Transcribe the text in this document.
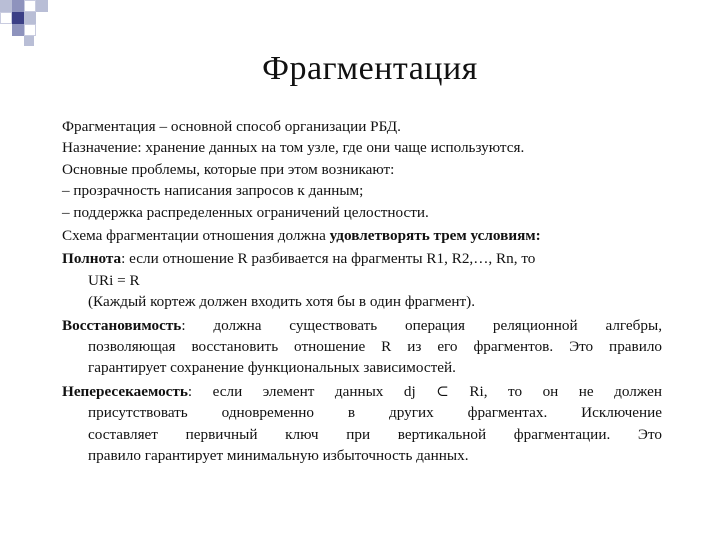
Фрагментация
Фрагментация – основной способ организации РБД.
Назначение: хранение данных на том узле, где они чаще используются.
Основные проблемы, которые при этом возникают:
– прозрачность написания запросов к данным;
– поддержка распределенных ограничений целостности.
Схема фрагментации отношения должна удовлетворять трем условиям:
Полнота: если отношение R разбивается на фрагменты R1, R2,…, Rn, то
URi = R
(Каждый кортеж должен входить хотя бы в один фрагмент).
Восстановимость: должна существовать операция реляционной алгебры,
позволяющая восстановить отношение R из его фрагментов. Это правило
гарантирует сохранение функциональных зависимостей.
Непересекаемость: если элемент данных dj ⊂ Ri, то он не должен
присутствовать одновременно в других фрагментах. Исключение
составляет первичный ключ при вертикальной фрагментации. Это
правило гарантирует минимальную избыточность данных.
